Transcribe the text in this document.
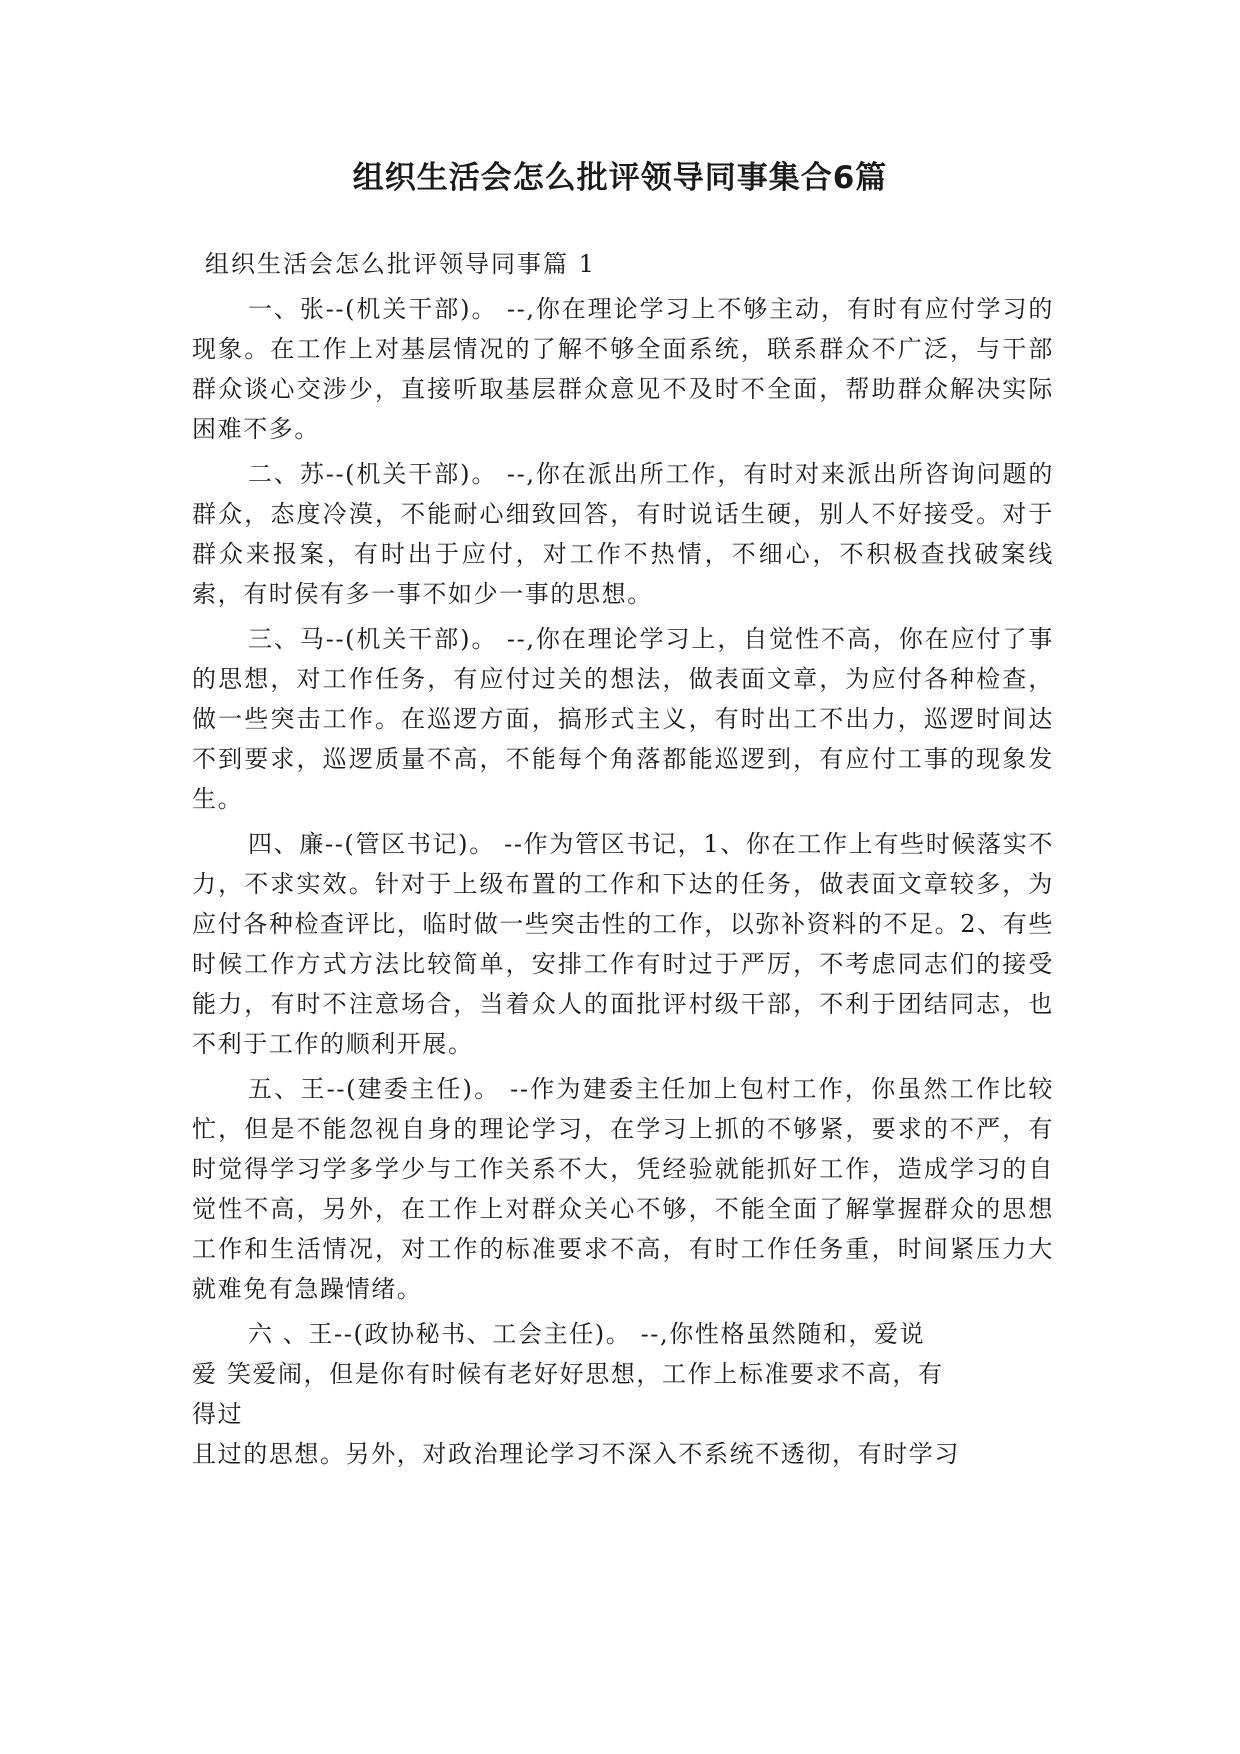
组织生活会怎么批评领导同事集合6篇

组织生活会怎么批评领导同事篇 1

一、张--(机关干部)。 --,你在理论学习上不够主动，有时有应付学习的现象。在工作上对基层情况的了解不够全面系统，联系群众不广泛，与干部群众谈心交涉少，直接听取基层群众意见不及时不全面，帮助群众解决实际困难不多。

二、苏--(机关干部)。 --,你在派出所工作，有时对来派出所咨询问题的群众，态度冷漠，不能耐心细致回答，有时说话生硬，别人不好接受。对于群众来报案，有时出于应付，对工作不热情，不细心，不积极查找破案线索，有时侯有多一事不如少一事的思想。

三、马--(机关干部)。 --,你在理论学习上，自觉性不高，你在应付了事的思想，对工作任务，有应付过关的想法，做表面文章，为应付各种检查，做一些突击工作。在巡逻方面，搞形式主义，有时出工不出力，巡逻时间达不到要求，巡逻质量不高，不能每个角落都能巡逻到，有应付工事的现象发生。

四、廉--(管区书记)。 --作为管区书记，1、你在工作上有些时候落实不力，不求实效。针对于上级布置的工作和下达的任务，做表面文章较多，为应付各种检查评比，临时做一些突击性的工作，以弥补资料的不足。2、有些时候工作方式方法比较简单，安排工作有时过于严厉，不考虑同志们的接受能力，有时不注意场合，当着众人的面批评村级干部，不利于团结同志，也不利于工作的顺利开展。

五、王--(建委主任)。 --作为建委主任加上包村工作，你虽然工作比较忙，但是不能忽视自身的理论学习，在学习上抓的不够紧，要求的不严，有时觉得学习学多学少与工作关系不大，凭经验就能抓好工作，造成学习的自觉性不高，另外，在工作上对群众关心不够，不能全面了解掌握群众的思想工作和生活情况，对工作的标准要求不高，有时工作任务重，时间紧压力大就难免有急躁情绪。

六 、王--(政协秘书、工会主任)。 --,你性格虽然随和，爱说
爱 笑爱闹，但是你有时候有老好好思想，工作上标准要求不高，有
得过
且过的思想。另外，对政治理论学习不深入不系统不透彻，有时学习
